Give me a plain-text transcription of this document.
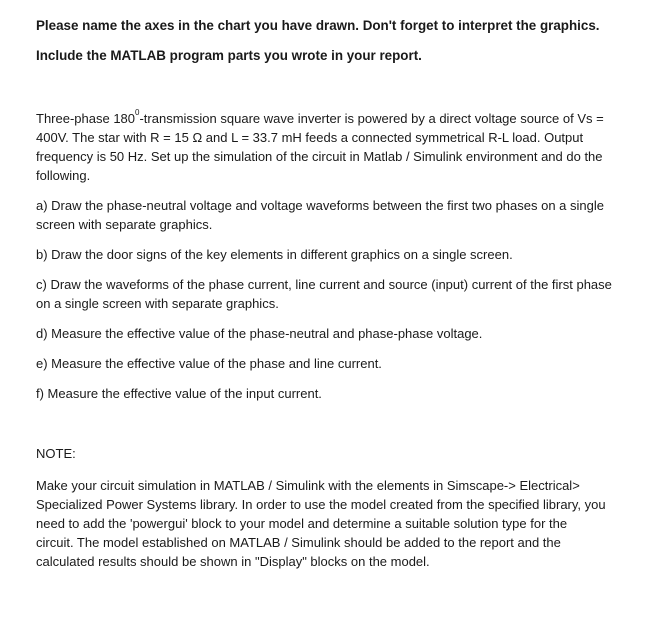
Please name the axes in the chart you have drawn. Don't forget to interpret the graphics.
Include the MATLAB program parts you wrote in your report.
Three-phase $180^0$-transmission square wave inverter is powered by a direct voltage source of Vs =
400V. The star with R = 15 Ω and L = 33.7 mH feeds a connected symmetrical R-L load. Output
frequency is 50 Hz. Set up the simulation of the circuit in Matlab / Simulink environment and do the
following.
a) Draw the phase-neutral voltage and voltage waveforms between the first two phases on a single
screen with separate graphics.
b) Draw the door signs of the key elements in different graphics on a single screen.
c) Draw the waveforms of the phase current, line current and source (input) current of the first phase
on a single screen with separate graphics.
d) Measure the effective value of the phase-neutral and phase-phase voltage.
e) Measure the effective value of the phase and line current.
f) Measure the effective value of the input current.
NOTE:
Make your circuit simulation in MATLAB / Simulink with the elements in Simscape-> Electrical>
Specialized Power Systems library. In order to use the model created from the specified library, you
need to add the 'powergui' block to your model and determine a suitable solution type for the
circuit. The model established on MATLAB / Simulink should be added to the report and the
calculated results should be shown in "Display" blocks on the model.
